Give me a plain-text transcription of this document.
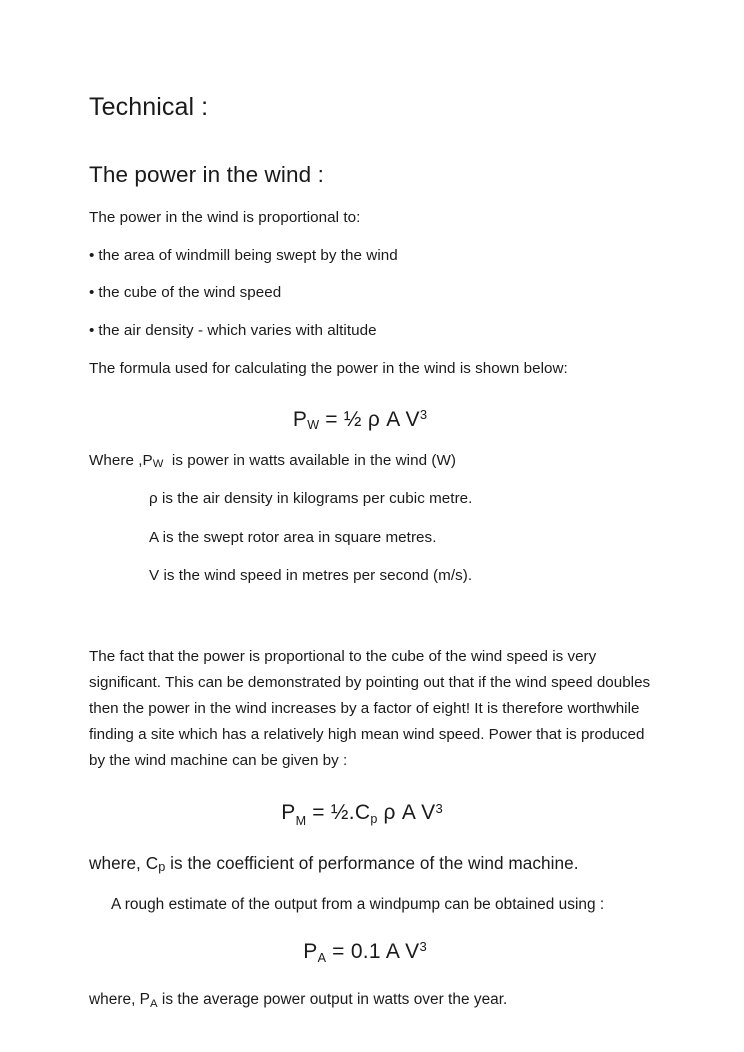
Technical :
The power in the wind :

The power in the wind is proportional to:

• the area of windmill being swept by the wind

• the cube of the wind speed

• the air density - which varies with altitude

The formula used for calculating the power in the wind is shown below:

$P_W$ = ½ ρ A $V^3$

Where ,PW  is power in watts available in the wind (W)

ρ is the air density in kilograms per cubic metre.

A is the swept rotor area in square metres.

V is the wind speed in metres per second (m/s).

The fact that the power is proportional to the cube of the wind speed is very significant. This can be demonstrated by pointing out that if the wind speed doubles then the power in the wind increases by a factor of eight! It is therefore worthwhile finding a site which has a relatively high mean wind speed. Power that is produced by the wind machine can be given by :

$P_M$ = $\frac{1}{2}.C_p$ ρ A $V^3$

where, Cp is the coefficient of performance of the wind machine.

A rough estimate of the output from a windpump can be obtained using :

$P_A = 0.1$ A $V^3$

where, PA is the average power output in watts over the year.
